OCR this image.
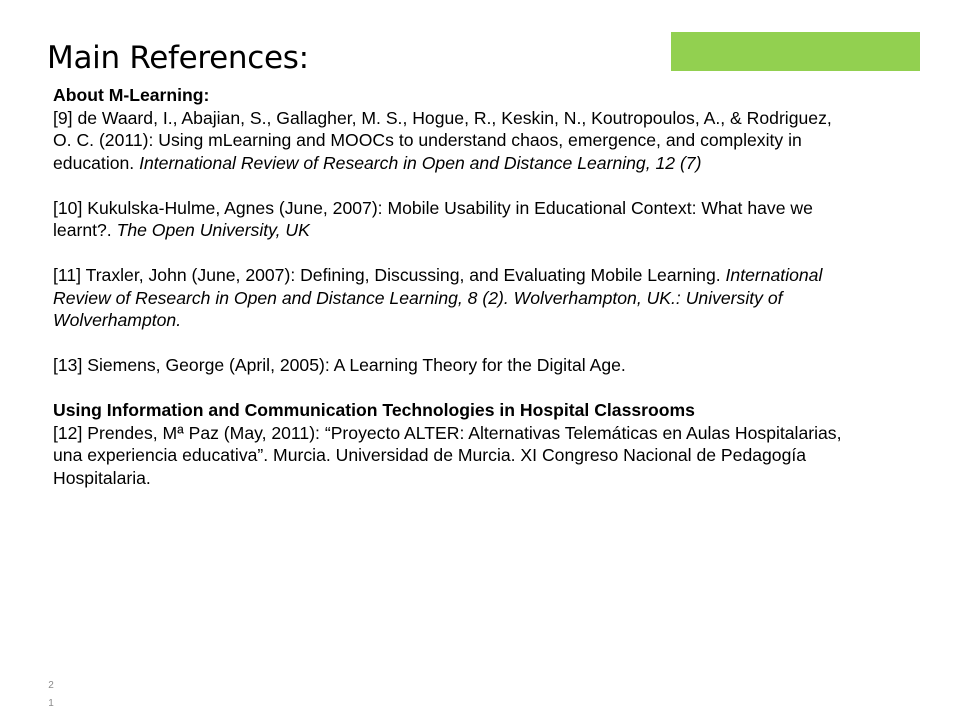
Main References:

About M-Learning:
[9] de Waard, I., Abajian, S., Gallagher, M. S., Hogue, R., Keskin, N., Koutropoulos, A., & Rodriguez, O. C. (2011): Using mLearning and MOOCs to understand chaos, emergence, and complexity in education. International Review of Research in Open and Distance Learning, 12 (7)

[10] Kukulska-Hulme, Agnes (June, 2007): Mobile Usability in Educational Context: What have we learnt?. The Open University, UK

[11] Traxler, John (June, 2007): Defining, Discussing, and Evaluating Mobile Learning. International Review of Research in Open and Distance Learning, 8 (2). Wolverhampton, UK.: University of Wolverhampton.

[13] Siemens, George (April, 2005): A Learning Theory for the Digital Age.

Using Information and Communication Technologies in Hospital Classrooms
[12] Prendes, Mª Paz (May, 2011): “Proyecto ALTER: Alternativas Telemáticas en Aulas Hospitalarias, una experiencia educativa”. Murcia. Universidad de Murcia. XI Congreso Nacional de Pedagogía Hospitalaria.

2
1
